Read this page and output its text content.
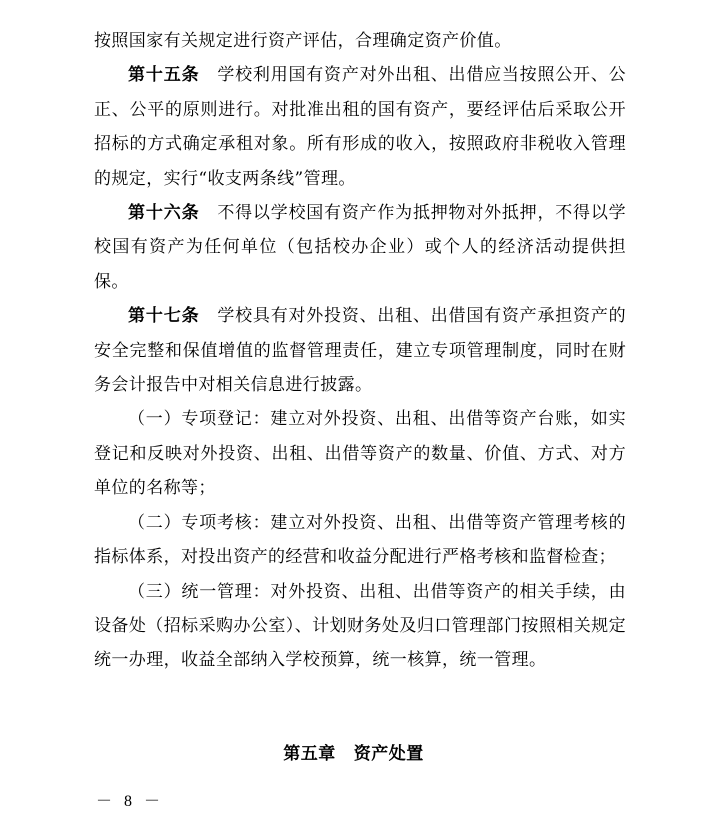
按照国家有关规定进行资产评估，合理确定资产价值。

第十五条  学校利用国有资产对外出租、出借应当按照公开、公正、公平的原则进行。对批准出租的国有资产，要经评估后采取公开招标的方式确定承租对象。所有形成的收入，按照政府非税收入管理的规定，实行“收支两条线”管理。

第十六条  不得以学校国有资产作为抵押物对外抵押，不得以学校国有资产为任何单位（包括校办企业）或个人的经济活动提供担保。

第十七条  学校具有对外投资、出租、出借国有资产承担资产的安全完整和保值增值的监督管理责任，建立专项管理制度，同时在财务会计报告中对相关信息进行披露。

（一）专项登记：建立对外投资、出租、出借等资产台账，如实登记和反映对外投资、出租、出借等资产的数量、价值、方式、对方单位的名称等；

（二）专项考核：建立对外投资、出租、出借等资产管理考核的指标体系，对投出资产的经营和收益分配进行严格考核和监督检查；

（三）统一管理：对外投资、出租、出借等资产的相关手续，由设备处（招标采购办公室）、计划财务处及归口管理部门按照相关规定统一办理，收益全部纳入学校预算，统一核算，统一管理。

第五章 资产处置
－ 8 －
